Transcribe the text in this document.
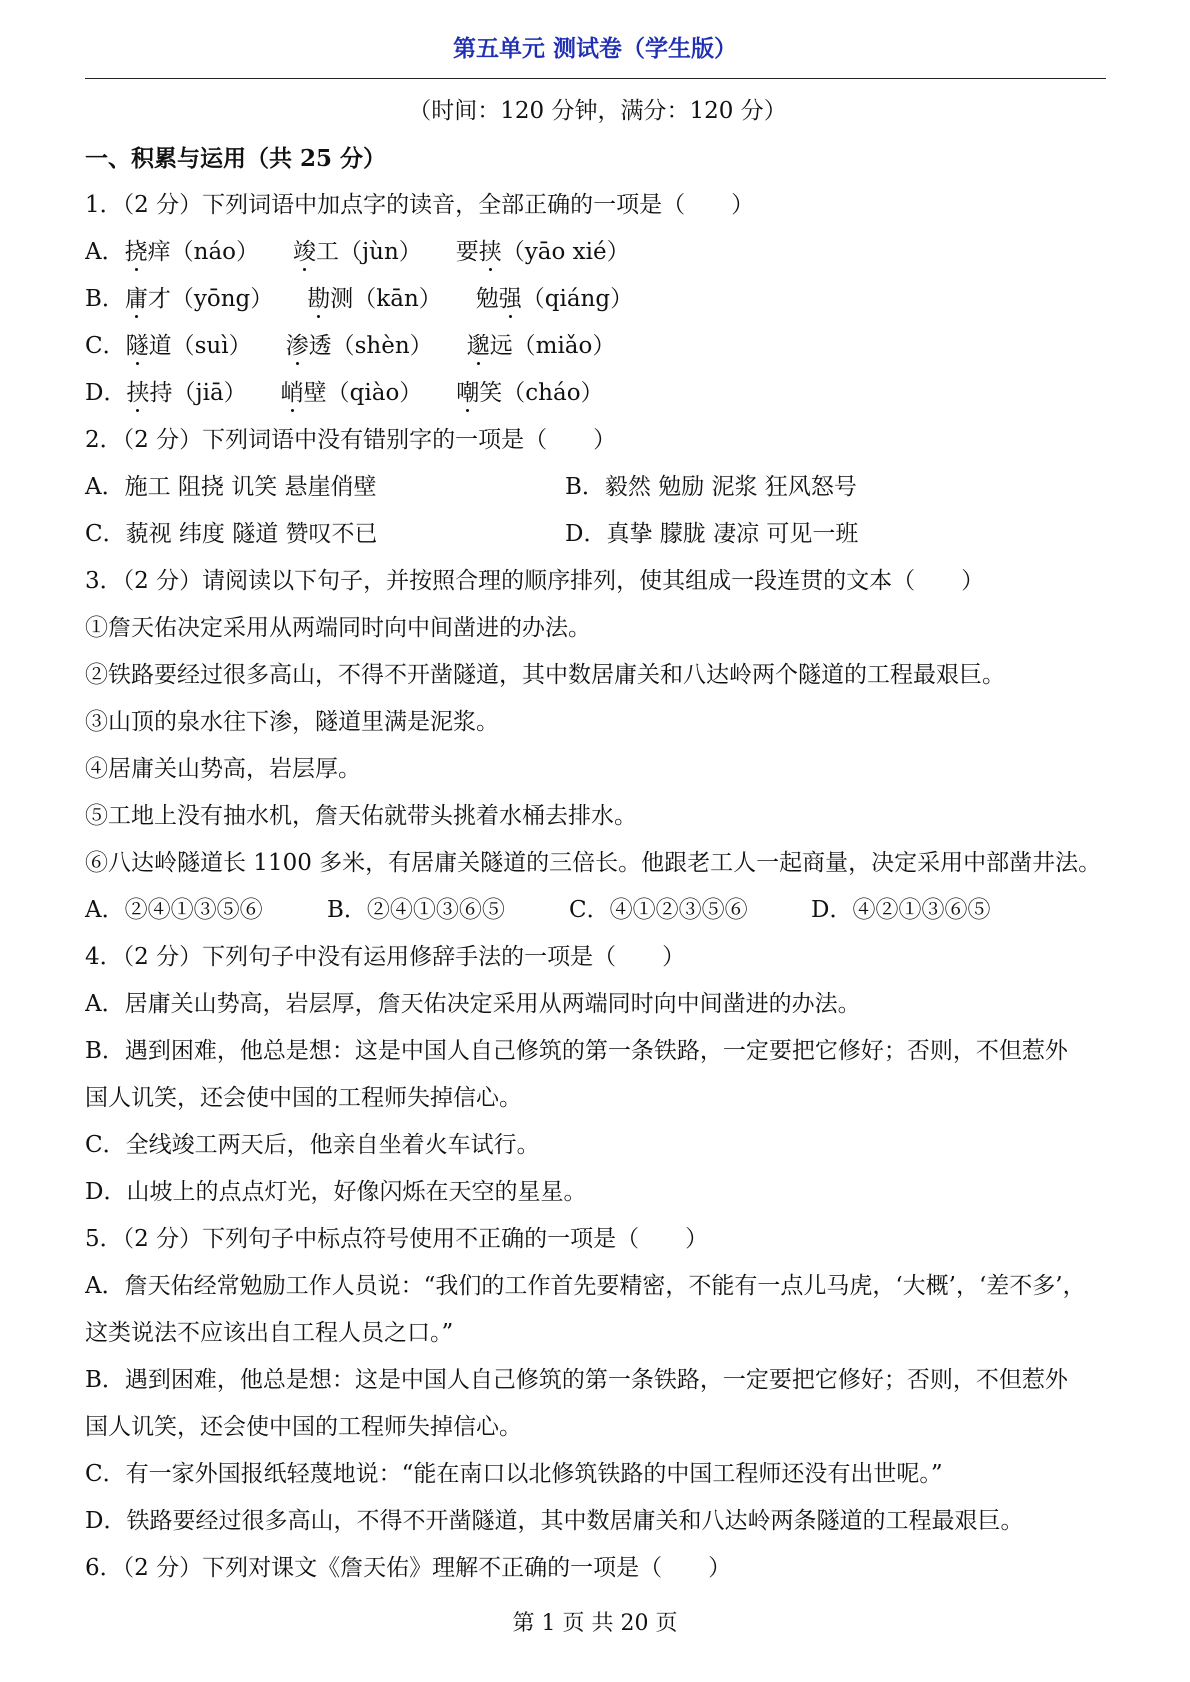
第五单元 测试卷（学生版）
（时间：120 分钟，满分：120 分）
一、积累与运用（共 25 分）
1．（2 分）下列词语中加点字的读音，全部正确的一项是（　　）
A．挠痒（náo） 竣工（jùn） 要挟（yāo xié）
B．庸才（yōng） 勘测（kān） 勉强（qiáng）
C．隧道（suì） 渗透（shèn） 邈远（miǎo）
D．挟持（jiā） 峭壁（qiào） 嘲笑（cháo）
2．（2 分）下列词语中没有错别字的一项是（　　）
A．施工 阻挠 讥笑 悬崖俏壁	B．毅然 勉励 泥浆 狂风怒号
C．藐视 纬度 隧道 赞叹不已	D．真挚 朦胧 凄凉 可见一班
3．（2 分）请阅读以下句子，并按照合理的顺序排列，使其组成一段连贯的文本（　　）
①詹天佑决定采用从两端同时向中间凿进的办法。
②铁路要经过很多高山，不得不开凿隧道，其中数居庸关和八达岭两个隧道的工程最艰巨。
③山顶的泉水往下渗，隧道里满是泥浆。
④居庸关山势高，岩层厚。
⑤工地上没有抽水机，詹天佑就带头挑着水桶去排水。
⑥八达岭隧道长 1100 多米，有居庸关隧道的三倍长。他跟老工人一起商量，决定采用中部凿井法。
A．②④①③⑤⑥	B．②④①③⑥⑤	C．④①②③⑤⑥	D．④②①③⑥⑤
4．（2 分）下列句子中没有运用修辞手法的一项是（　　）
A．居庸关山势高，岩层厚，詹天佑决定采用从两端同时向中间凿进的办法。
B．遇到困难，他总是想：这是中国人自己修筑的第一条铁路，一定要把它修好；否则，不但惹外
国人讥笑，还会使中国的工程师失掉信心。
C．全线竣工两天后，他亲自坐着火车试行。
D．山坡上的点点灯光，好像闪烁在天空的星星。
5．（2 分）下列句子中标点符号使用不正确的一项是（　　）
A．詹天佑经常勉励工作人员说：“我们的工作首先要精密，不能有一点儿马虎，‘大概’，‘差不多’，
这类说法不应该出自工程人员之口。”
B．遇到困难，他总是想：这是中国人自己修筑的第一条铁路，一定要把它修好；否则，不但惹外
国人讥笑，还会使中国的工程师失掉信心。
C．有一家外国报纸轻蔑地说：“能在南口以北修筑铁路的中国工程师还没有出世呢。”
D．铁路要经过很多高山，不得不开凿隧道，其中数居庸关和八达岭两条隧道的工程最艰巨。
6．（2 分）下列对课文《詹天佑》理解不正确的一项是（　　）
第 1 页 共 20 页
